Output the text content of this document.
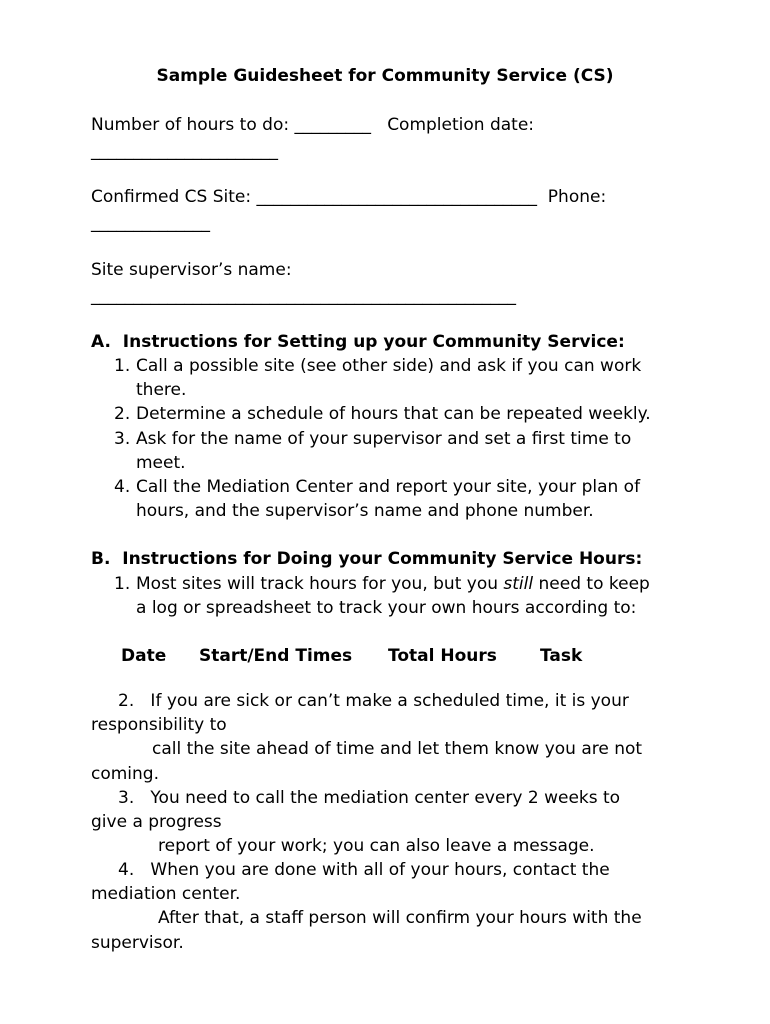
Sample Guidesheet for Community Service (CS)
Number of hours to do: _________   Completion date:
______________________
Confirmed CS Site: _________________________________  Phone:
______________
Site supervisor’s name:
__________________________________________________
A.  Instructions for Setting up your Community Service:
1. Call a possible site (see other side) and ask if you can work
there.
2. Determine a schedule of hours that can be repeated weekly.
3. Ask for the name of your supervisor and set a first time to
meet.
4. Call the Mediation Center and report your site, your plan of
hours, and the supervisor’s name and phone number.
B.  Instructions for Doing your Community Service Hours:
1. Most sites will track hours for you, but you still need to keep
a log or spreadsheet to track your own hours according to:
Date Start/End Times Total Hours	Task
2.   If you are sick or can’t make a scheduled time, it is your
responsibility to
call the site ahead of time and let them know you are not
coming.
3.   You need to call the mediation center every 2 weeks to
give a progress
report of your work; you can also leave a message.
4.   When you are done with all of your hours, contact the
mediation center.
After that, a staff person will confirm your hours with the
supervisor.
